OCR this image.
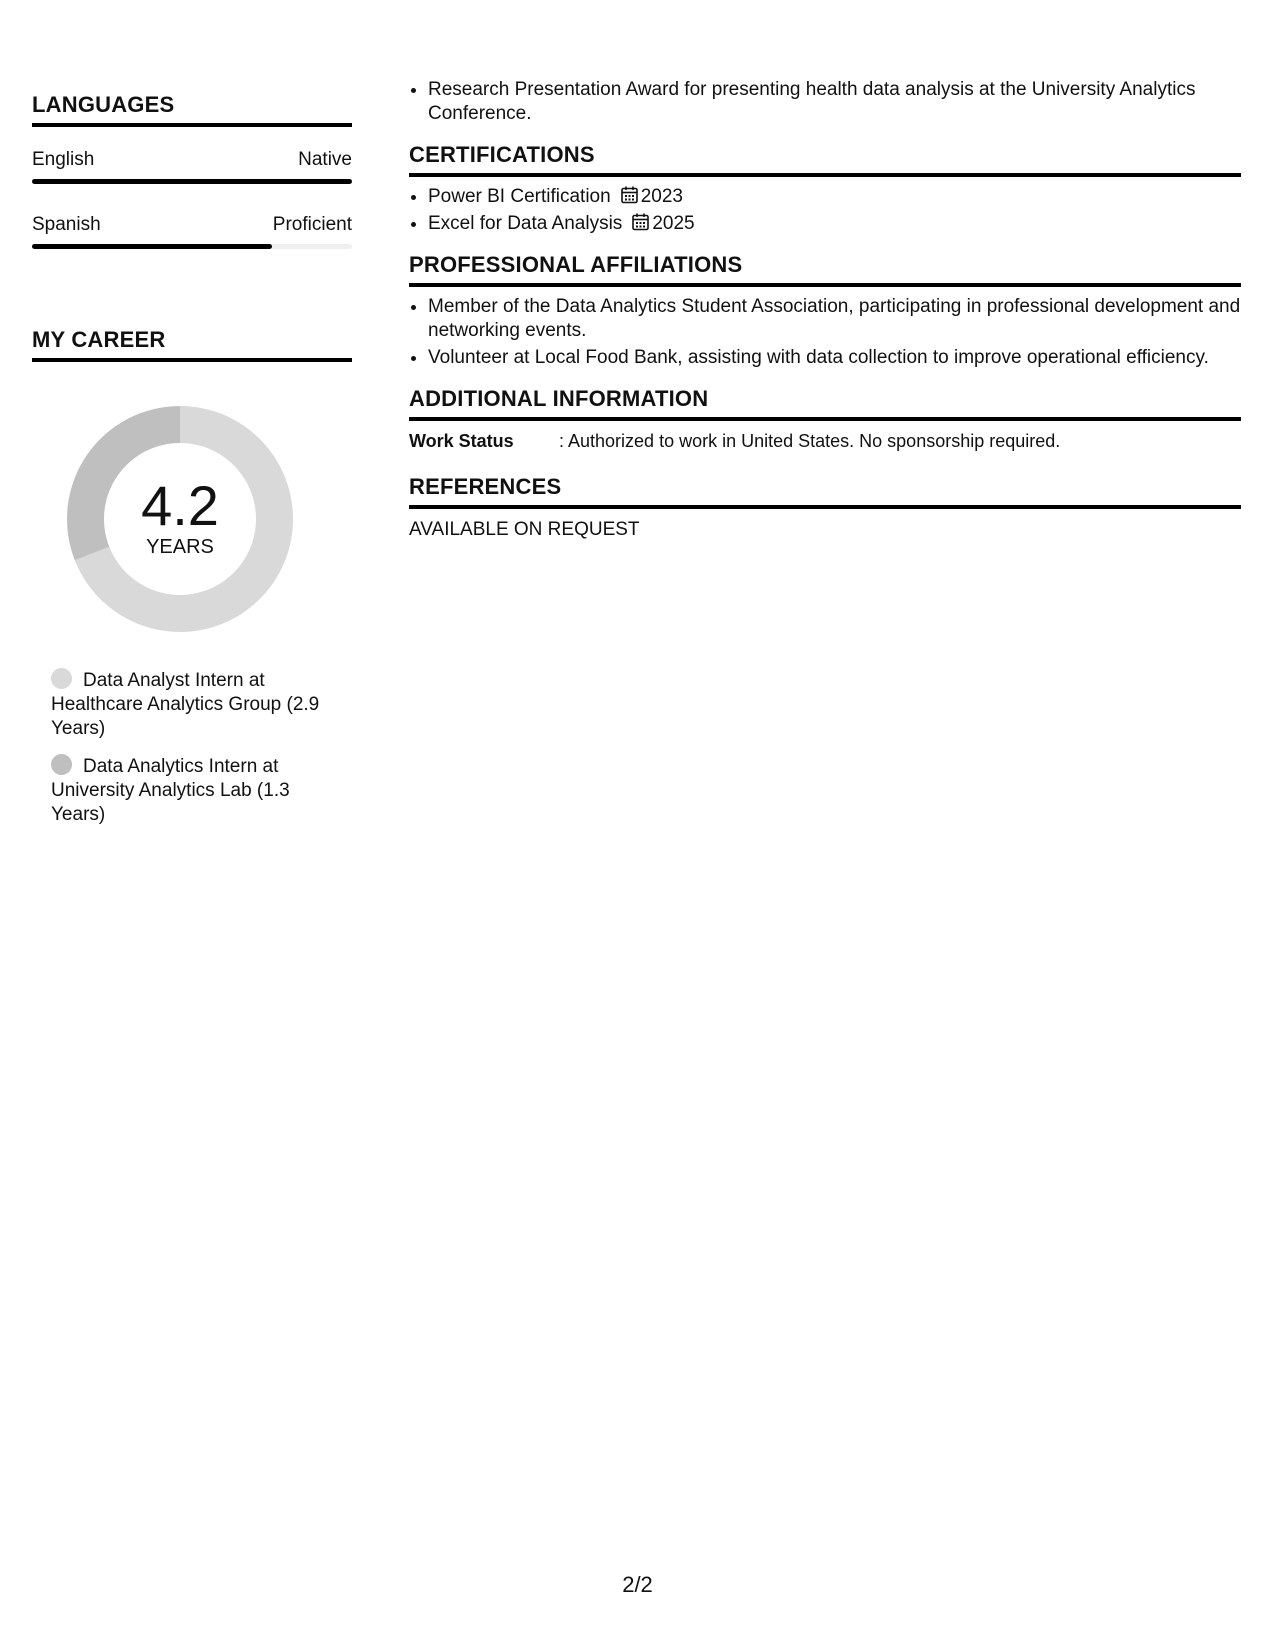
LANGUAGES
English	Native
Spanish	Proficient
MY CAREER
4.2
YEARS
Data Analyst Intern at Healthcare Analytics Group (2.9 Years)
Data Analytics Intern at University Analytics Lab (1.3 Years)
• Research Presentation Award for presenting health data analysis at the University Analytics Conference.
CERTIFICATIONS
• Power BI Certification 2023
• Excel for Data Analysis 2025
PROFESSIONAL AFFILIATIONS
• Member of the Data Analytics Student Association, participating in professional development and networking events.
• Volunteer at Local Food Bank, assisting with data collection to improve operational efficiency.
ADDITIONAL INFORMATION
Work Status	: Authorized to work in United States. No sponsorship required.
REFERENCES
AVAILABLE ON REQUEST
2/2
